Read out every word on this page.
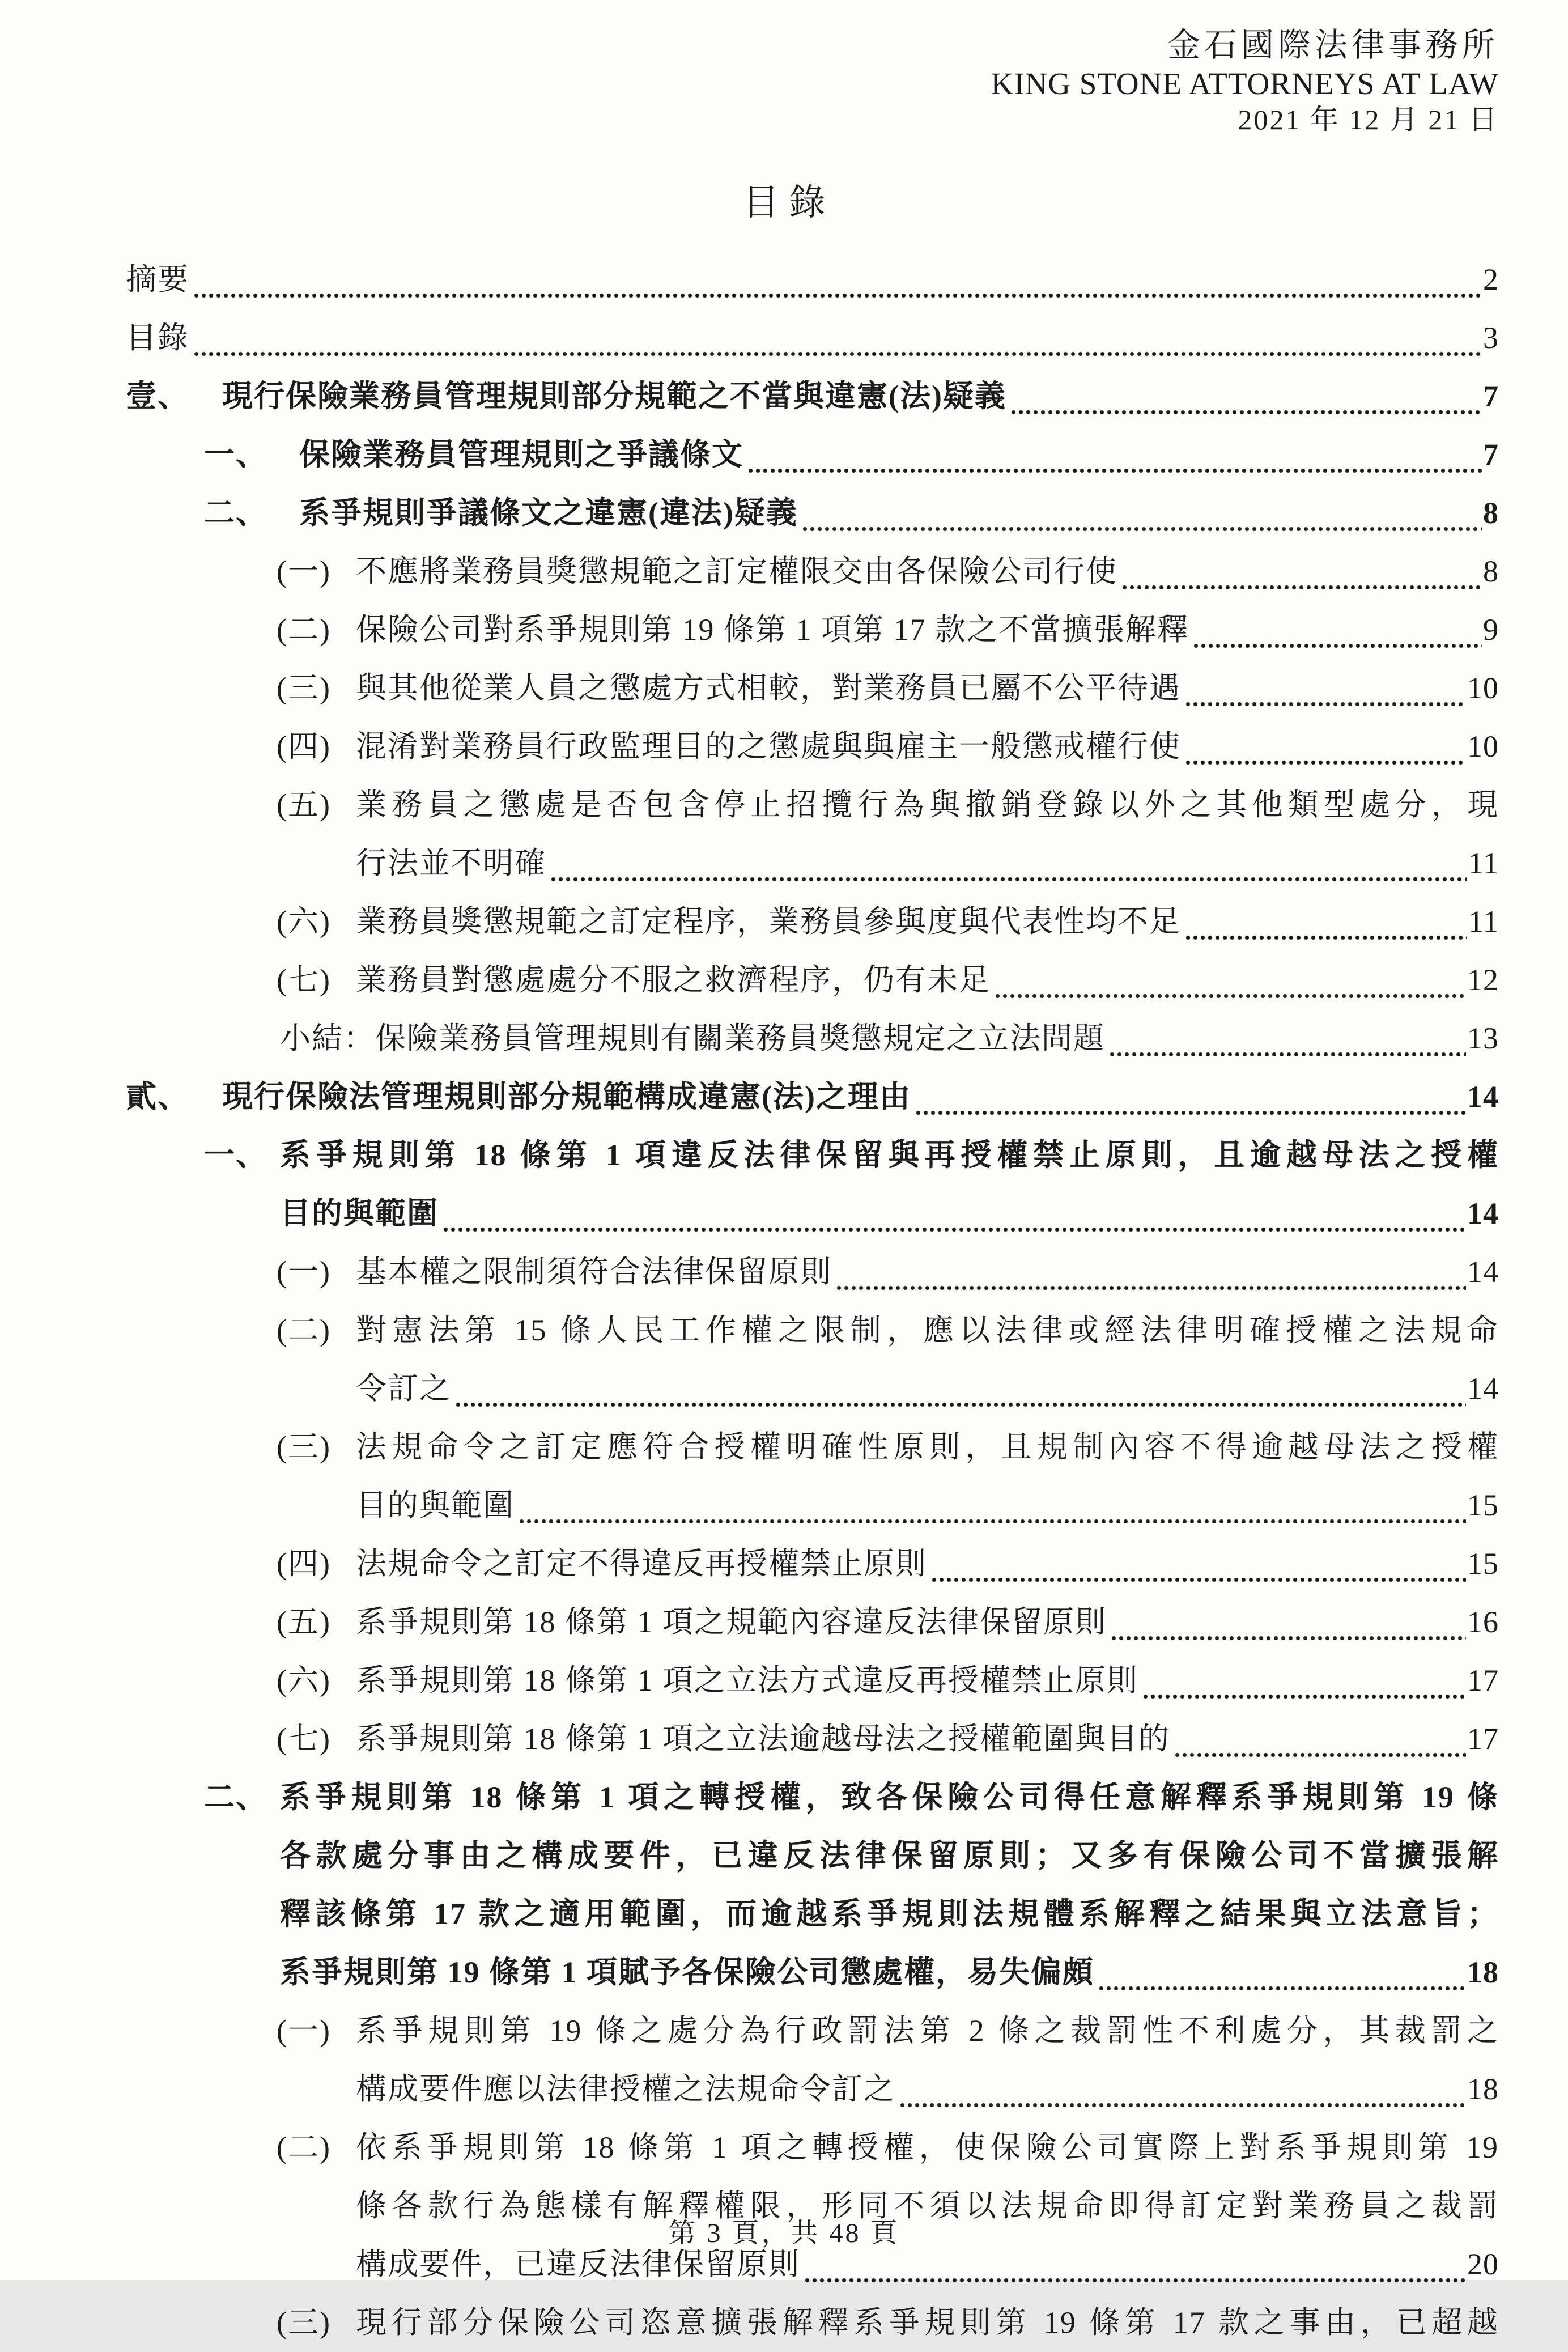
金石國際法律事務所
KING STONE ATTORNEYS AT LAW
2021 年 12 月 21 日
目錄
摘要	2
目錄	3
壹、 現行保險業務員管理規則部分規範之不當與違憲(法)疑義	7
一、 保險業務員管理規則之爭議條文	7
二、 系爭規則爭議條文之違憲(違法)疑義	8
(一) 不應將業務員獎懲規範之訂定權限交由各保險公司行使	8
(二) 保險公司對系爭規則第 19 條第 1 項第 17 款之不當擴張解釋	9
(三) 與其他從業人員之懲處方式相較，對業務員已屬不公平待遇	10
(四) 混淆對業務員行政監理目的之懲處與與雇主一般懲戒權行使	10
(五) 業務員之懲處是否包含停止招攬行為與撤銷登錄以外之其他類型處分，現
行法並不明確	11
(六) 業務員獎懲規範之訂定程序，業務員參與度與代表性均不足	11
(七) 業務員對懲處處分不服之救濟程序，仍有未足	12
小結：保險業務員管理規則有關業務員獎懲規定之立法問題	13
貳、 現行保險法管理規則部分規範構成違憲(法)之理由	14
一、 系爭規則第 18 條第 1 項違反法律保留與再授權禁止原則，且逾越母法之授權
目的與範圍	14
(一) 基本權之限制須符合法律保留原則	14
(二) 對憲法第 15 條人民工作權之限制，應以法律或經法律明確授權之法規命
令訂之	14
(三) 法規命令之訂定應符合授權明確性原則，且規制內容不得逾越母法之授權
目的與範圍	15
(四) 法規命令之訂定不得違反再授權禁止原則	15
(五) 系爭規則第 18 條第 1 項之規範內容違反法律保留原則	16
(六) 系爭規則第 18 條第 1 項之立法方式違反再授權禁止原則	17
(七) 系爭規則第 18 條第 1 項之立法逾越母法之授權範圍與目的	17
二、 系爭規則第 18 條第 1 項之轉授權，致各保險公司得任意解釋系爭規則第 19 條
各款處分事由之構成要件，已違反法律保留原則；又多有保險公司不當擴張解
釋該條第 17 款之適用範圍，而逾越系爭規則法規體系解釋之結果與立法意旨；
系爭規則第 19 條第 1 項賦予各保險公司懲處權，易失偏頗	18
(一) 系爭規則第 19 條之處分為行政罰法第 2 條之裁罰性不利處分，其裁罰之
構成要件應以法律授權之法規命令訂之	18
(二) 依系爭規則第 18 條第 1 項之轉授權，使保險公司實際上對系爭規則第 19
條各款行為態樣有解釋權限，形同不須以法規命即得訂定對業務員之裁罰
構成要件，已違反法律保留原則	20
(三) 現行部分保險公司恣意擴張解釋系爭規則第 19 條第 17 款之事由，已超越
第 3 頁，共 48 頁
